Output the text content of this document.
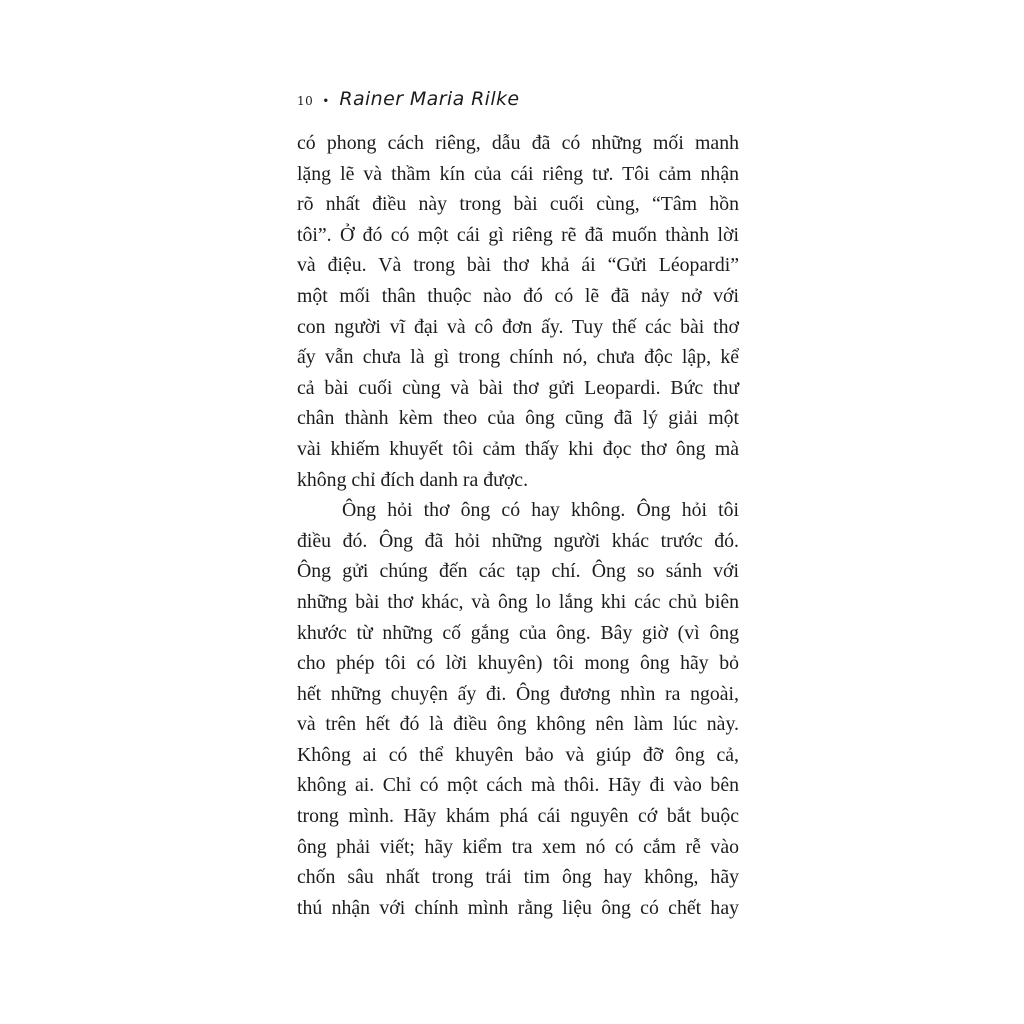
10 • Rainer Maria Rilke
có phong cách riêng, dẫu đã có những mối manh
lặng lẽ và thầm kín của cái riêng tư. Tôi cảm nhận
rõ nhất điều này trong bài cuối cùng, “Tâm hồn
tôi”. Ở đó có một cái gì riêng rẽ đã muốn thành lời
và điệu. Và trong bài thơ khả ái “Gửi Léopardi”
một mối thân thuộc nào đó có lẽ đã nảy nở với
con người vĩ đại và cô đơn ấy. Tuy thế các bài thơ
ấy vẫn chưa là gì trong chính nó, chưa độc lập, kể
cả bài cuối cùng và bài thơ gửi Leopardi. Bức thư
chân thành kèm theo của ông cũng đã lý giải một
vài khiếm khuyết tôi cảm thấy khi đọc thơ ông mà
không chỉ đích danh ra được.
Ông hỏi thơ ông có hay không. Ông hỏi tôi
điều đó. Ông đã hỏi những người khác trước đó.
Ông gửi chúng đến các tạp chí. Ông so sánh với
những bài thơ khác, và ông lo lắng khi các chủ biên
khước từ những cố gắng của ông. Bây giờ (vì ông
cho phép tôi có lời khuyên) tôi mong ông hãy bỏ
hết những chuyện ấy đi. Ông đương nhìn ra ngoài,
và trên hết đó là điều ông không nên làm lúc này.
Không ai có thể khuyên bảo và giúp đỡ ông cả,
không ai. Chỉ có một cách mà thôi. Hãy đi vào bên
trong mình. Hãy khám phá cái nguyên cớ bắt buộc
ông phải viết; hãy kiểm tra xem nó có cắm rễ vào
chốn sâu nhất trong trái tim ông hay không, hãy
thú nhận với chính mình rằng liệu ông có chết hay
